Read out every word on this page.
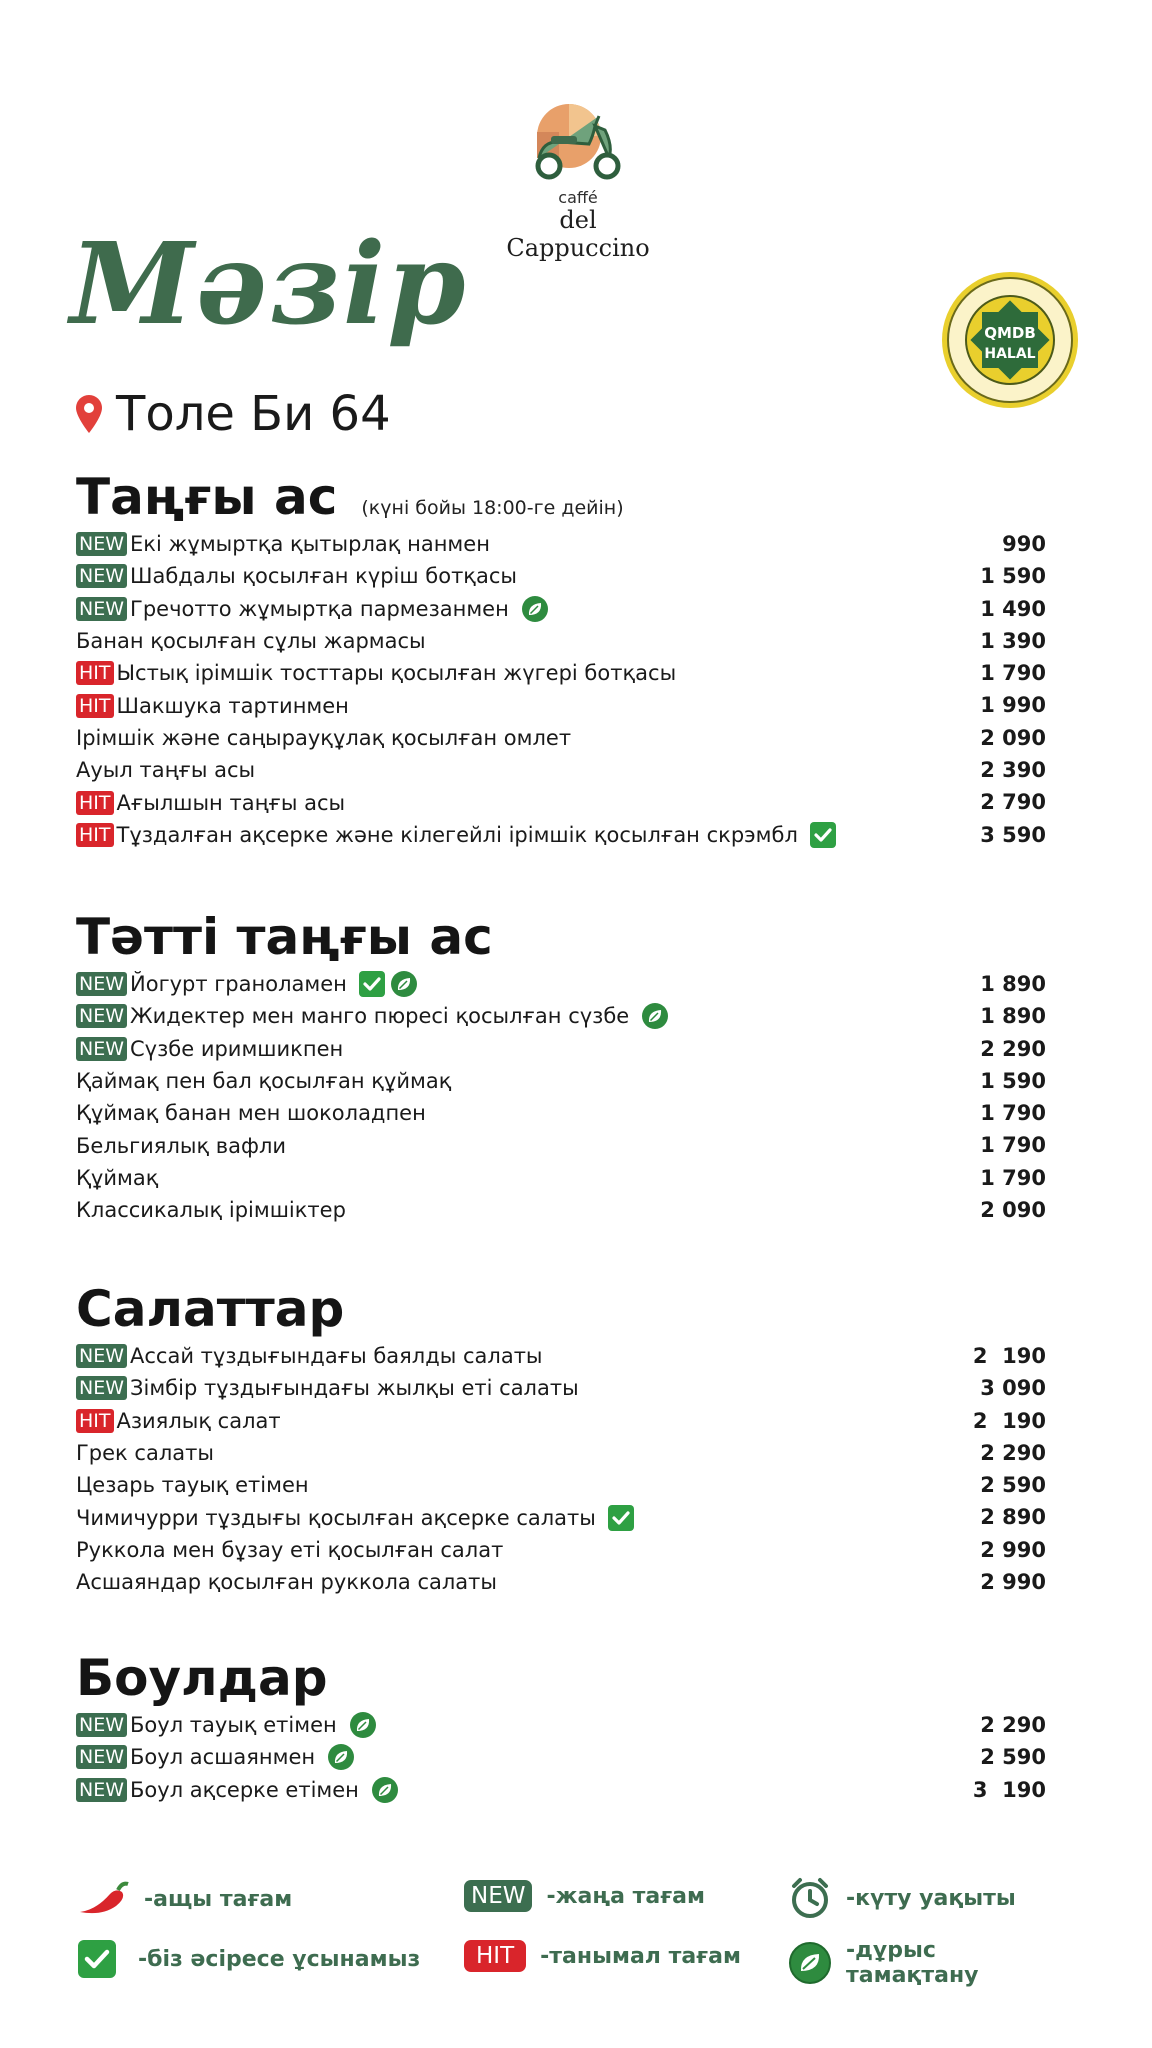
caffé
del Cappuccino
Мәзір	QMDB
HALAL
Толе Би 64
Таңғы ас (күні бойы 18:00-ге дейін)
NEW Екі жұмыртқа қытырлақ нанмен	990
NEW Шабдалы қосылған күріш ботқасы	1 590
NEW Гречотто жұмыртқа пармезанмен	1 490
Банан қосылған сұлы жармасы	1 390
HIT Ыстық ірімшік тосттары қосылған жүгері ботқасы	1 790
HIT Шакшука тартинмен	1 990
Ірімшік және саңырауқұлақ қосылған омлет	2 090
Ауыл таңғы асы	2 390
HIT Ағылшын таңғы асы	2 790
HIT Тұздалған ақсерке және кілегейлі ірімшік қосылған скрэмбл	3 590
Тәтті таңғы ас
NEW Йогурт граноламен	1 890
NEW Жидектер мен манго пюресі қосылған сүзбе	1 890
NEW Сүзбе иримшикпен	2 290
Қаймақ пен бал қосылған құймақ	1 590
Құймақ банан мен шоколадпен	1 790
Бельгиялық вафли	1 790
Құймақ	1 790
Классикалық ірімшіктер	2 090
Салаттар
NEW Ассай тұздығындағы баялды салаты	2  190
NEW Зімбір тұздығындағы жылқы еті салаты	3 090
HIT Азиялық салат	2  190
Грек салаты	2 290
Цезарь тауық етімен	2 590
Чимичурри тұздығы қосылған ақсерке салаты	2 890
Руккола мен бұзау еті қосылған салат	2 990
Асшаяндар қосылған руккола салаты	2 990
Боулдар
NEW Боул тауық етімен	2 290
NEW Боул асшаянмен	2 590
NEW Боул ақсерке етімен	3  190
-ащы тағам	NEW -жаңа тағам	-күту уақыты
-біз әсіресе ұсынамыз	HIT	-танымал тағам	-дұрыс тамақтану
